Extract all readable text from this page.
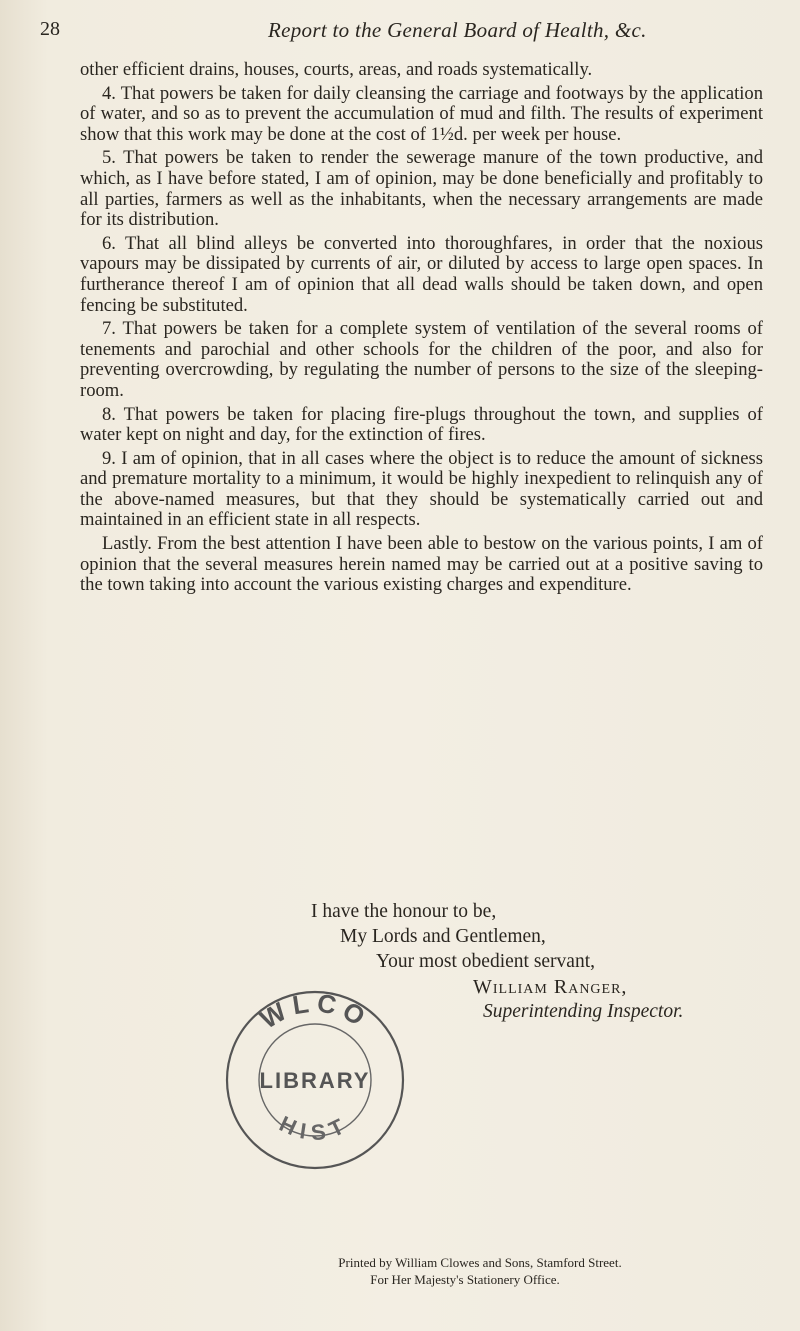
28	Report to the General Board of Health, &c.

other efficient drains, houses, courts, areas, and roads systematically.

4. That powers be taken for daily cleansing the carriage and footways by the application of water, and so as to prevent the accumulation of mud and filth. The results of experiment show that this work may be done at the cost of 1½d. per week per house.

5. That powers be taken to render the sewerage manure of the town productive, and which, as I have before stated, I am of opinion, may be done beneficially and profitably to all parties, farmers as well as the inhabitants, when the necessary arrangements are made for its distribution.

6. That all blind alleys be converted into thoroughfares, in order that the noxious vapours may be dissipated by currents of air, or diluted by access to large open spaces. In furtherance thereof I am of opinion that all dead walls should be taken down, and open fencing be substituted.

7. That powers be taken for a complete system of ventilation of the several rooms of tenements and parochial and other schools for the children of the poor, and also for preventing overcrowding, by regulating the number of persons to the size of the sleeping-room.

8. That powers be taken for placing fire-plugs throughout the town, and supplies of water kept on night and day, for the extinction of fires.

9. I am of opinion, that in all cases where the object is to reduce the amount of sickness and premature mortality to a minimum, it would be highly inexpedient to relinquish any of the above-named measures, but that they should be systematically carried out and maintained in an efficient state in all respects.

Lastly. From the best attention I have been able to bestow on the various points, I am of opinion that the several measures herein named may be carried out at a positive saving to the town taking into account the various existing charges and expenditure.

I have the honour to be,
My Lords and Gentlemen,
Your most obedient servant,
William Ranger,
Superintending Inspector.
WLCO
LIBRARY
HIST
Printed by William Clowes and Sons, Stamford Street.
For Her Majesty's Stationery Office.
